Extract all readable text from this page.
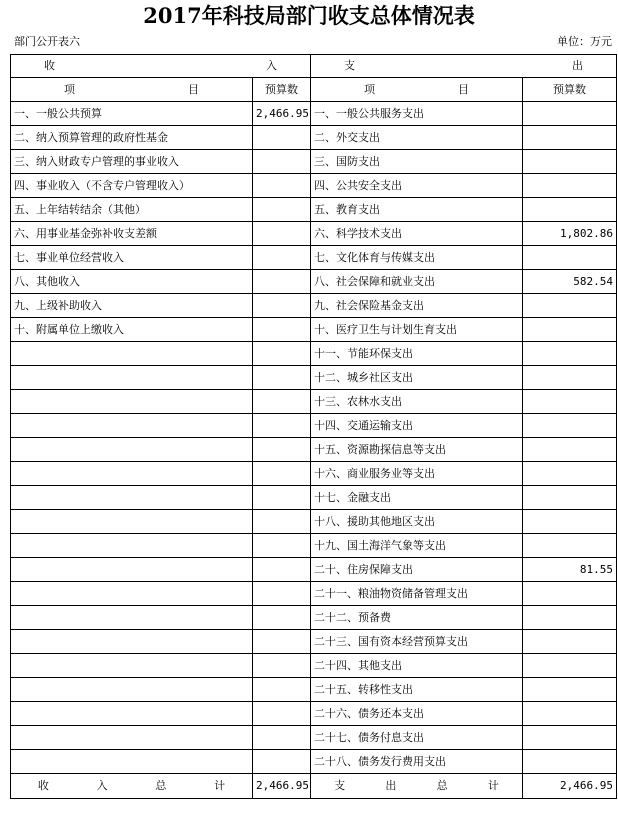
2017年科技局部门收支总体情况表
部门公开表六	单位：万元
收 入		支 出	

项 目	预算数	项 目	预算数
一、一般公共预算	2,466.95	一、一般公共服务支出	
二、纳入预算管理的政府性基金		二、外交支出	
三、纳入财政专户管理的事业收入		三、国防支出	
四、事业收入（不含专户管理收入）		四、公共安全支出	
五、上年结转结余（其他）		五、教育支出	
六、用事业基金弥补收支差额		六、科学技术支出	1,802.86
七、事业单位经营收入		七、文化体育与传媒支出	
八、其他收入		八、社会保障和就业支出	582.54
九、上级补助收入		九、社会保险基金支出	
十、附属单位上缴收入		十、医疗卫生与计划生育支出	
		十一、节能环保支出	
		十二、城乡社区支出	
		十三、农林水支出	
		十四、交通运输支出	
		十五、资源勘探信息等支出	
		十六、商业服务业等支出	
		十七、金融支出	
		十八、援助其他地区支出	
		十九、国土海洋气象等支出	
		二十、住房保障支出	81.55
		二十一、粮油物资储备管理支出	
		二十二、预备费	
		二十三、国有资本经营预算支出	
		二十四、其他支出	
		二十五、转移性支出	
		二十六、债务还本支出	
		二十七、债务付息支出	
		二十八、债务发行费用支出	

收 入 总 计	2,466.95	支 出 总 计	2,466.95
